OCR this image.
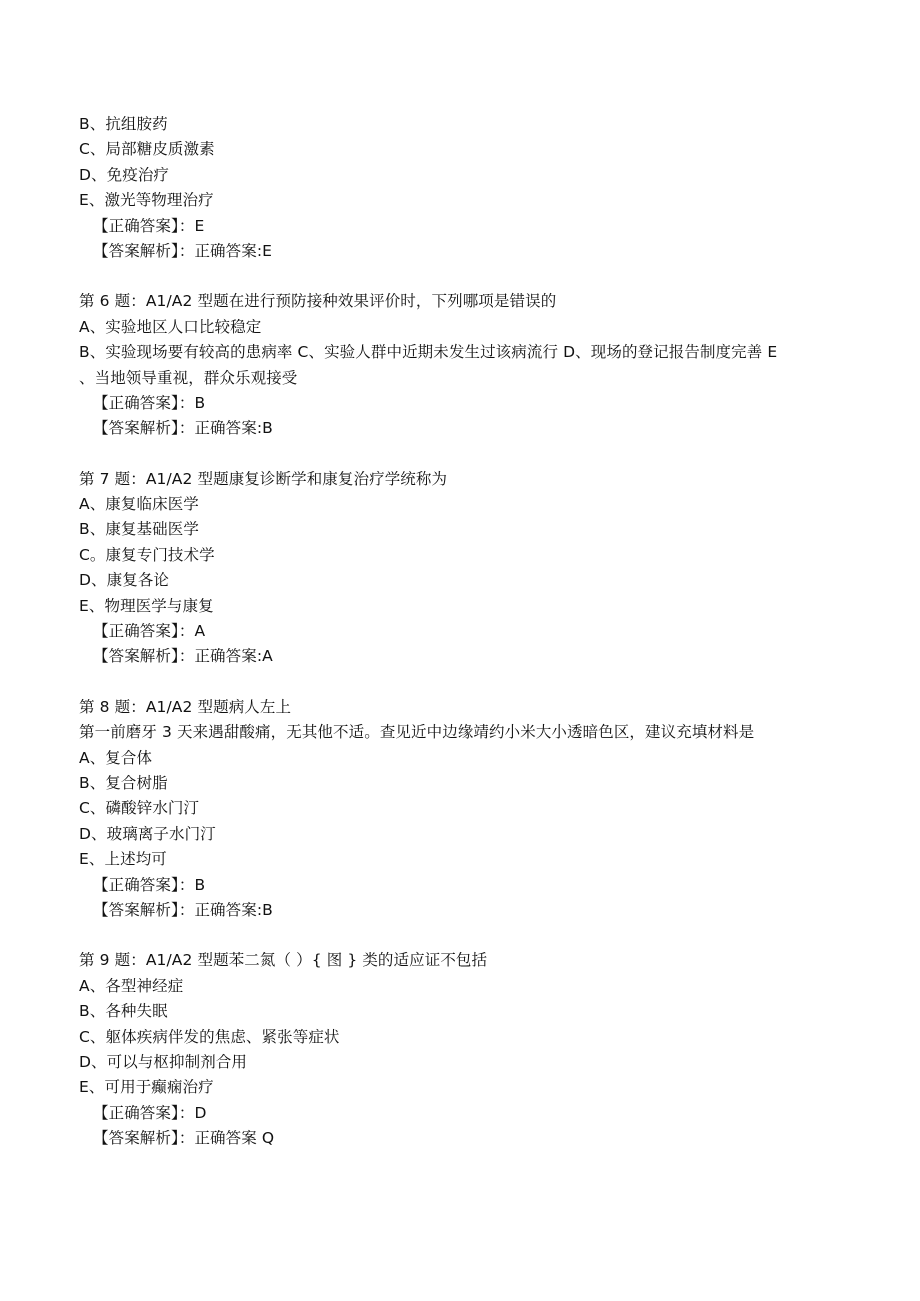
B、抗组胺药
C、局部糖皮质激素
D、免疫治疗
E、激光等物理治疗
【正确答案】：E
【答案解析】：正确答案:E
第 6 题：A1/A2 型题在进行预防接种效果评价时，下列哪项是错误的
A、实验地区人口比较稳定
B、实验现场要有较高的患病率 C、实验人群中近期未发生过该病流行 D、现场的登记报告制度完善 E
、当地领导重视，群众乐观接受
【正确答案】：B
【答案解析】：正确答案:B
第 7 题：A1/A2 型题康复诊断学和康复治疗学统称为
A、康复临床医学
B、康复基础医学
C。康复专门技术学
D、康复各论
E、物理医学与康复
【正确答案】：A
【答案解析】：正确答案:A
第 8 题：A1/A2 型题病人左上
第一前磨牙 3 天来遇甜酸痛，无其他不适。查见近中边缘靖约小米大小透暗色区，建议充填材料是
A、复合体
B、复合树脂
C、磷酸锌水门汀
D、玻璃离子水门汀
E、上述均可
【正确答案】：B
【答案解析】：正确答案:B
第 9 题：A1/A2 型题苯二氮（ ）{ 图 } 类的适应证不包括
A、各型神经症
B、各种失眠
C、躯体疾病伴发的焦虑、紧张等症状
D、可以与枢抑制剂合用
E、可用于癫痫治疗
【正确答案】：D
【答案解析】：正确答案 Q
